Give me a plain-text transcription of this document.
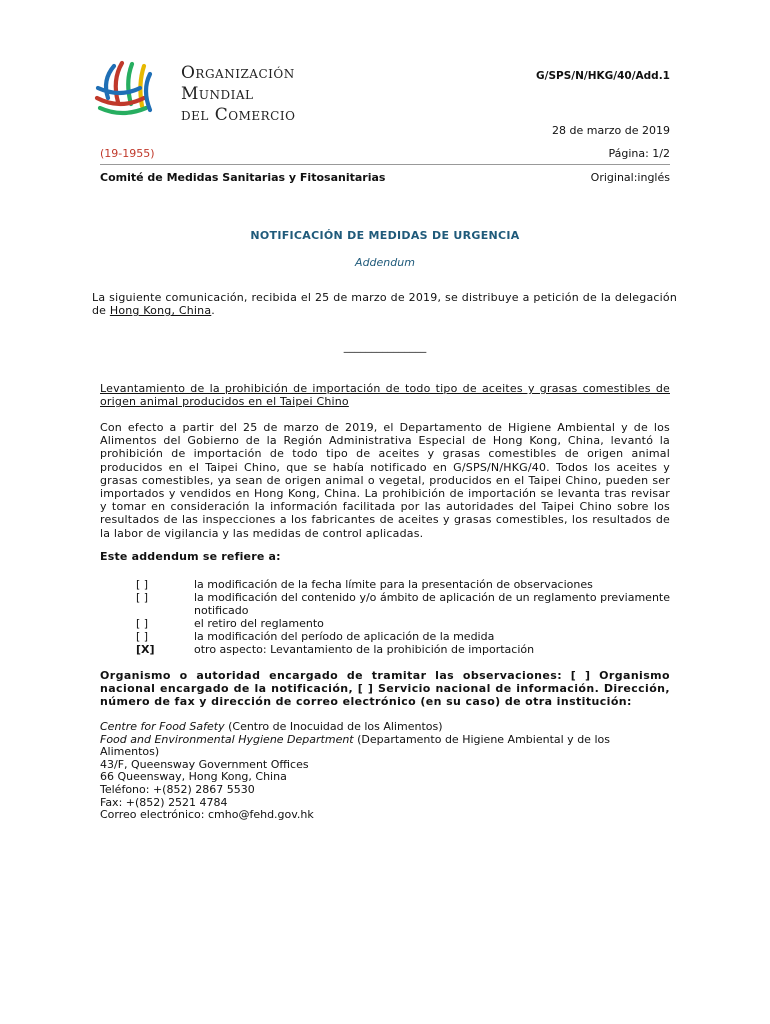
Organización
Mundial
del Comercio
G/SPS/N/HKG/40/Add.1
28 de marzo de 2019
(19-1955)	Página: 1/2
Comité de Medidas Sanitarias y Fitosanitarias	Original:inglés
NOTIFICACIÓN DE MEDIDAS DE URGENCIA
Addendum
La siguiente comunicación, recibida el 25 de marzo de 2019, se distribuye a petición de la delegación de Hong Kong, China.
_______________
Levantamiento de la prohibición de importación de todo tipo de aceites y grasas comestibles de origen animal producidos en el Taipei Chino
Con efecto a partir del 25 de marzo de 2019, el Departamento de Higiene Ambiental y de los Alimentos del Gobierno de la Región Administrativa Especial de Hong Kong, China, levantó la prohibición de importación de todo tipo de aceites y grasas comestibles de origen animal producidos en el Taipei Chino, que se había notificado en G/SPS/N/HKG/40. Todos los aceites y grasas comestibles, ya sean de origen animal o vegetal, producidos en el Taipei Chino, pueden ser importados y vendidos en Hong Kong, China. La prohibición de importación se levanta tras revisar y tomar en consideración la información facilitada por las autoridades del Taipei Chino sobre los resultados de las inspecciones a los fabricantes de aceites y grasas comestibles, los resultados de la labor de vigilancia y las medidas de control aplicadas.
Este addendum se refiere a:
[ ]	la modificación de la fecha límite para la presentación de observaciones
[ ]	la modificación del contenido y/o ámbito de aplicación de un reglamento previamente notificado
[ ]	el retiro del reglamento
[ ]	la modificación del período de aplicación de la medida
[X]	otro aspecto: Levantamiento de la prohibición de importación
Organismo o autoridad encargado de tramitar las observaciones: [ ] Organismo nacional encargado de la notificación, [ ] Servicio nacional de información. Dirección, número de fax y dirección de correo electrónico (en su caso) de otra institución:
Centre for Food Safety (Centro de Inocuidad de los Alimentos)
Food and Environmental Hygiene Department (Departamento de Higiene Ambiental y de los
Alimentos)
43/F, Queensway Government Offices
66 Queensway, Hong Kong, China
Teléfono: +(852) 2867 5530
Fax: +(852) 2521 4784
Correo electrónico: cmho@fehd.gov.hk
